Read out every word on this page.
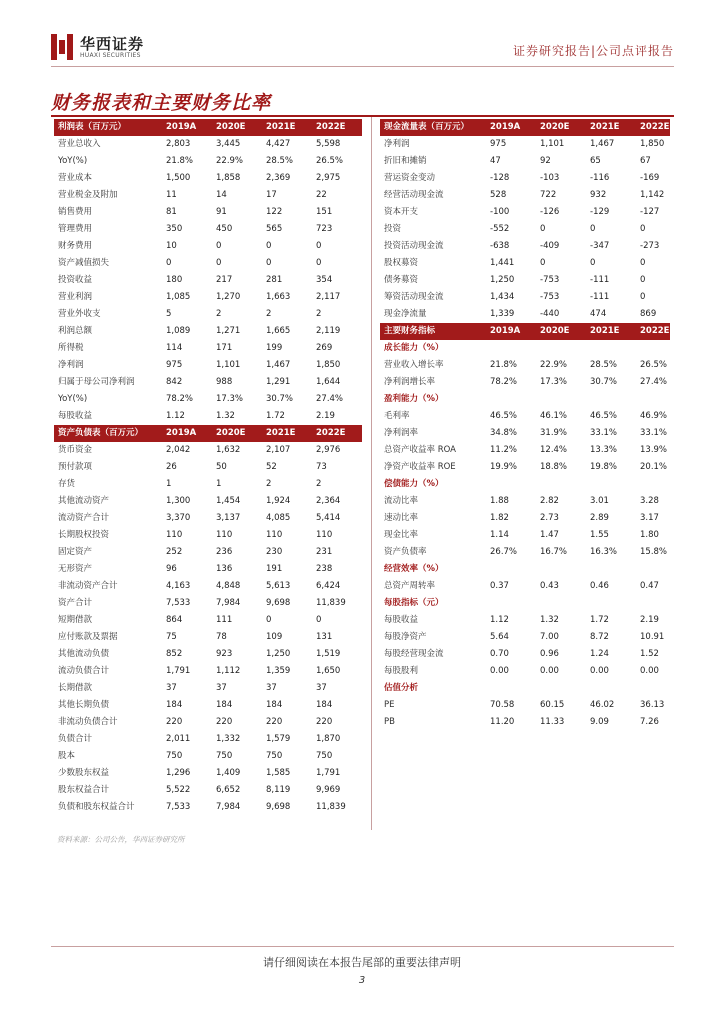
华西证券
HUAXI SECURITIES	证券研究报告|公司点评报告
财务报表和主要财务比率
利润表（百万元）	2019A 2020E 2021E 2022E
营业总收入	2,803	3,445	4,427	5,598
YoY(%)	21.8%	22.9%	28.5%	26.5%
营业成本	1,500	1,858	2,369	2,975
营业税金及附加	11	14	17	22
销售费用	81	91	122	151
管理费用	350	450	565	723
财务费用	10	0	0	0
资产减值损失	0	0	0	0
投资收益	180	217	281	354
营业利润	1,085	1,270	1,663	2,117
营业外收支	5	2	2	2
利润总额	1,089	1,271	1,665	2,119
所得税	114	171	199	269
净利润	975	1,101	1,467	1,850
归属于母公司净利润	842	988	1,291	1,644
YoY(%)	78.2%	17.3%	30.7%	27.4%
每股收益	1.12	1.32	1.72	2.19
资产负债表（百万元）	2019A 2020E 2021E 2022E
货币资金	2,042	1,632	2,107	2,976
预付款项	26	50	52	73
存货	1	1	2	2
其他流动资产	1,300	1,454	1,924	2,364
流动资产合计	3,370	3,137	4,085	5,414
长期股权投资	110	110	110	110
固定资产	252	236	230	231
无形资产	96	136	191	238
非流动资产合计	4,163	4,848	5,613	6,424
资产合计	7,533	7,984	9,698	11,839
短期借款	864	111	0	0
应付账款及票据	75	78	109	131
其他流动负债	852	923	1,250	1,519
流动负债合计	1,791	1,112	1,359	1,650
长期借款	37	37	37	37
其他长期负债	184	184	184	184
非流动负债合计	220	220	220	220
负债合计	2,011	1,332	1,579	1,870
股本	750	750	750	750
少数股东权益	1,296	1,409	1,585	1,791
股东权益合计	5,522	6,652	8,119	9,969
负债和股东权益合计	7,533	7,984	9,698	11,839
现金流量表（百万元） 2019A 2020E 2021E 2022E
净利润	975	1,101	1,467	1,850
折旧和摊销	47	92	65	67
营运资金变动	-128	-103	-116	-169
经营活动现金流	528	722	932	1,142
资本开支	-100	-126	-129	-127
投资	-552	0	0	0
投资活动现金流	-638	-409	-347	-273
股权募资	1,441	0	0	0
债务募资	1,250	-753	-111	0
筹资活动现金流	1,434	-753	-111	0
现金净流量	1,339	-440	474	869
主要财务指标	2019A 2020E 2021E 2022E
成长能力（%）
营业收入增长率	21.8%	22.9%	28.5%	26.5%
净利润增长率	78.2%	17.3%	30.7%	27.4%
盈利能力（%）
毛利率	46.5%	46.1%	46.5%	46.9%
净利润率	34.8%	31.9%	33.1%	33.1%
总资产收益率 ROA	11.2%	12.4%	13.3%	13.9%
净资产收益率 ROE	19.9%	18.8%	19.8%	20.1%
偿债能力（%）
流动比率	1.88	2.82	3.01	3.28
速动比率	1.82	2.73	2.89	3.17
现金比率	1.14	1.47	1.55	1.80
资产负债率	26.7%	16.7%	16.3%	15.8%
经营效率（%）
总资产周转率	0.37	0.43	0.46	0.47
每股指标（元）
每股收益	1.12	1.32	1.72	2.19
每股净资产	5.64	7.00	8.72	10.91
每股经营现金流	0.70	0.96	1.24	1.52
每股股利	0.00	0.00	0.00	0.00
估值分析
PE	70.58	60.15	46.02	36.13
PB	11.20	11.33	9.09	7.26
资料来源：公司公告，华西证券研究所
请仔细阅读在本报告尾部的重要法律声明
3
